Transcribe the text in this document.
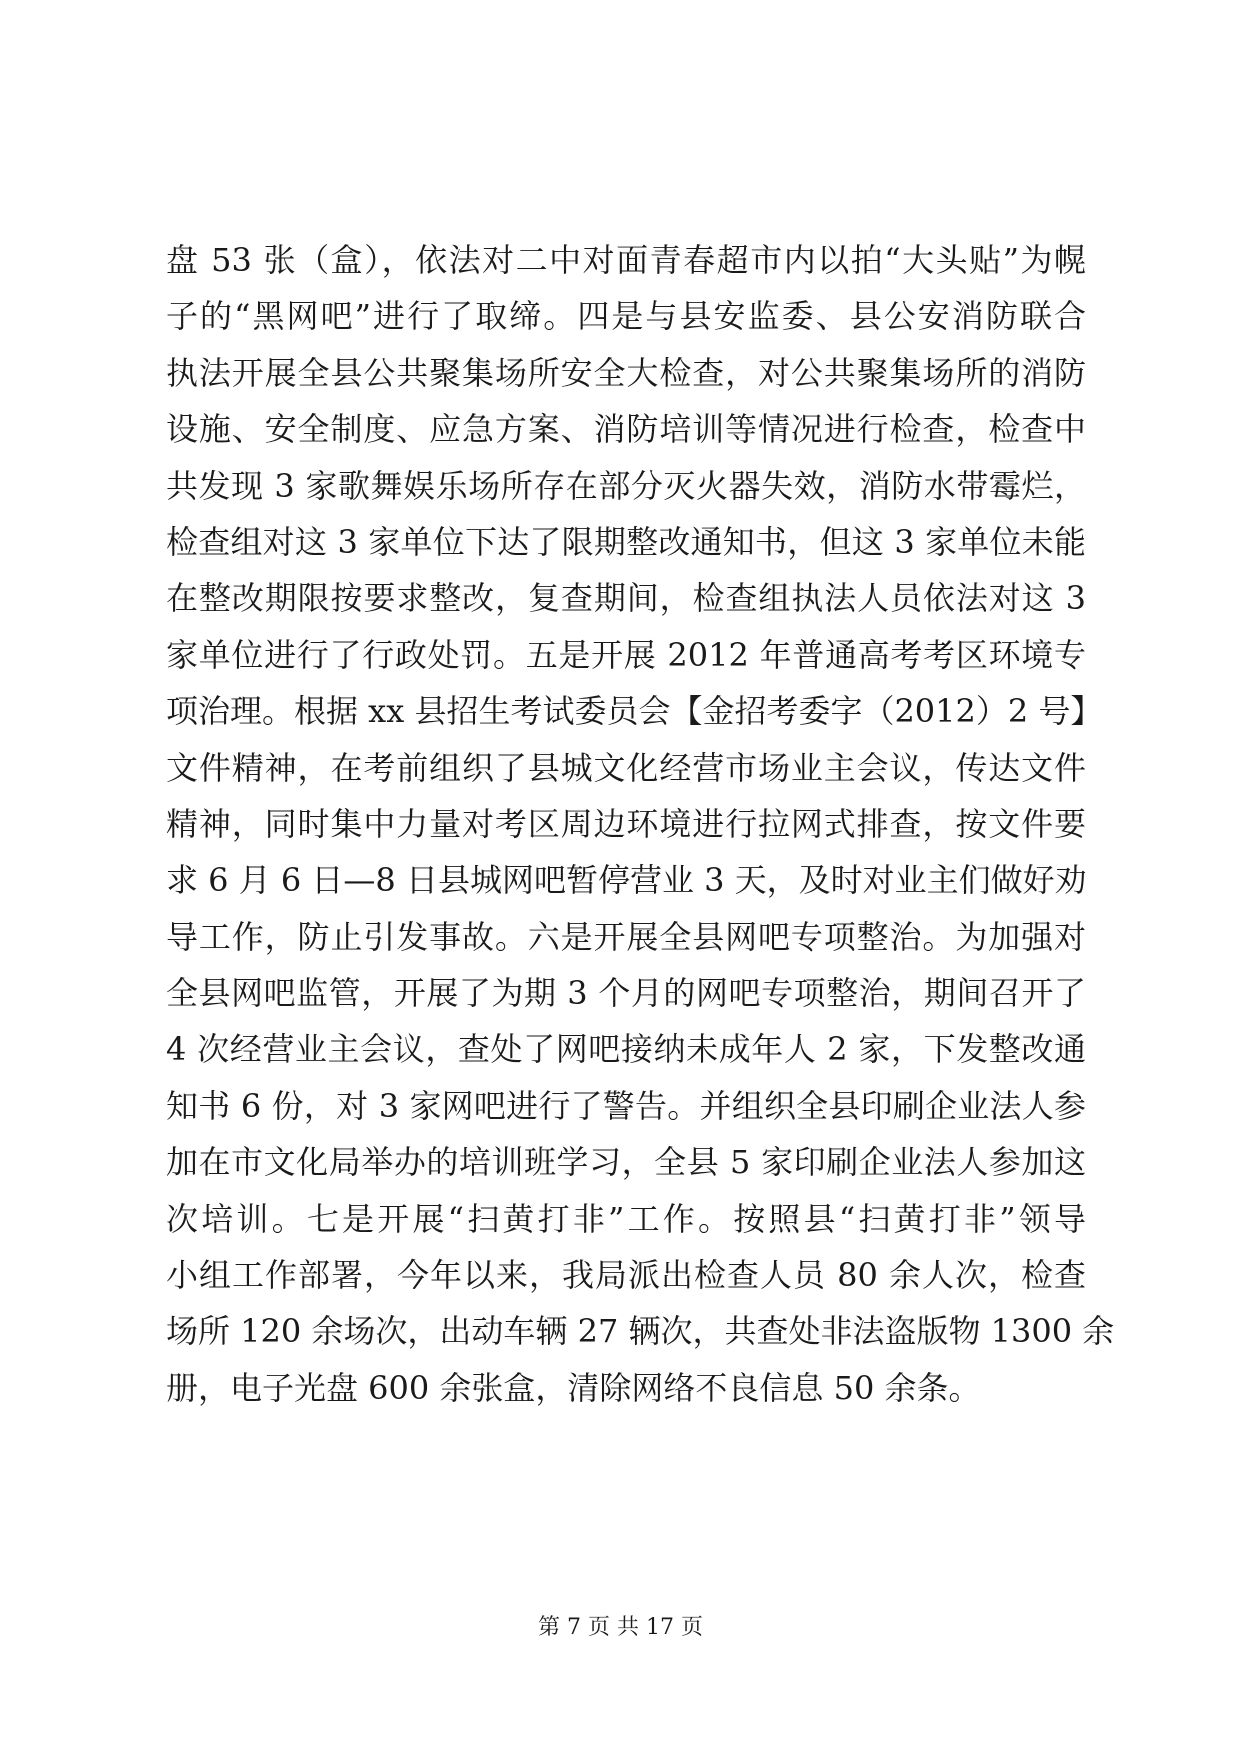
盘 53 张（盒），依法对二中对面青春超市内以拍“大头贴”为幌
子的“黑网吧”进行了取缔。四是与县安监委、县公安消防联合
执法开展全县公共聚集场所安全大检查，对公共聚集场所的消防
设施、安全制度、应急方案、消防培训等情况进行检查，检查中
共发现 3 家歌舞娱乐场所存在部分灭火器失效，消防水带霉烂，
检查组对这 3 家单位下达了限期整改通知书，但这 3 家单位未能
在整改期限按要求整改，复查期间，检查组执法人员依法对这 3
家单位进行了行政处罚。五是开展 2012 年普通高考考区环境专
项治理。根据 xx 县招生考试委员会【金招考委字（2012）2 号】
文件精神，在考前组织了县城文化经营市场业主会议，传达文件
精神，同时集中力量对考区周边环境进行拉网式排查，按文件要
求 6 月 6 日—8 日县城网吧暂停营业 3 天，及时对业主们做好劝
导工作，防止引发事故。六是开展全县网吧专项整治。为加强对
全县网吧监管，开展了为期 3 个月的网吧专项整治，期间召开了
4 次经营业主会议，查处了网吧接纳未成年人 2 家，下发整改通
知书 6 份，对 3 家网吧进行了警告。并组织全县印刷企业法人参
加在市文化局举办的培训班学习，全县 5 家印刷企业法人参加这
次培训。七是开展“扫黄打非”工作。按照县“扫黄打非”领导
小组工作部署，今年以来，我局派出检查人员 80 余人次，检查
场所 120 余场次，出动车辆 27 辆次，共查处非法盗版物 1300 余
册，电子光盘 600 余张盒，清除网络不良信息 50 余条。
第 7 页 共 17 页
